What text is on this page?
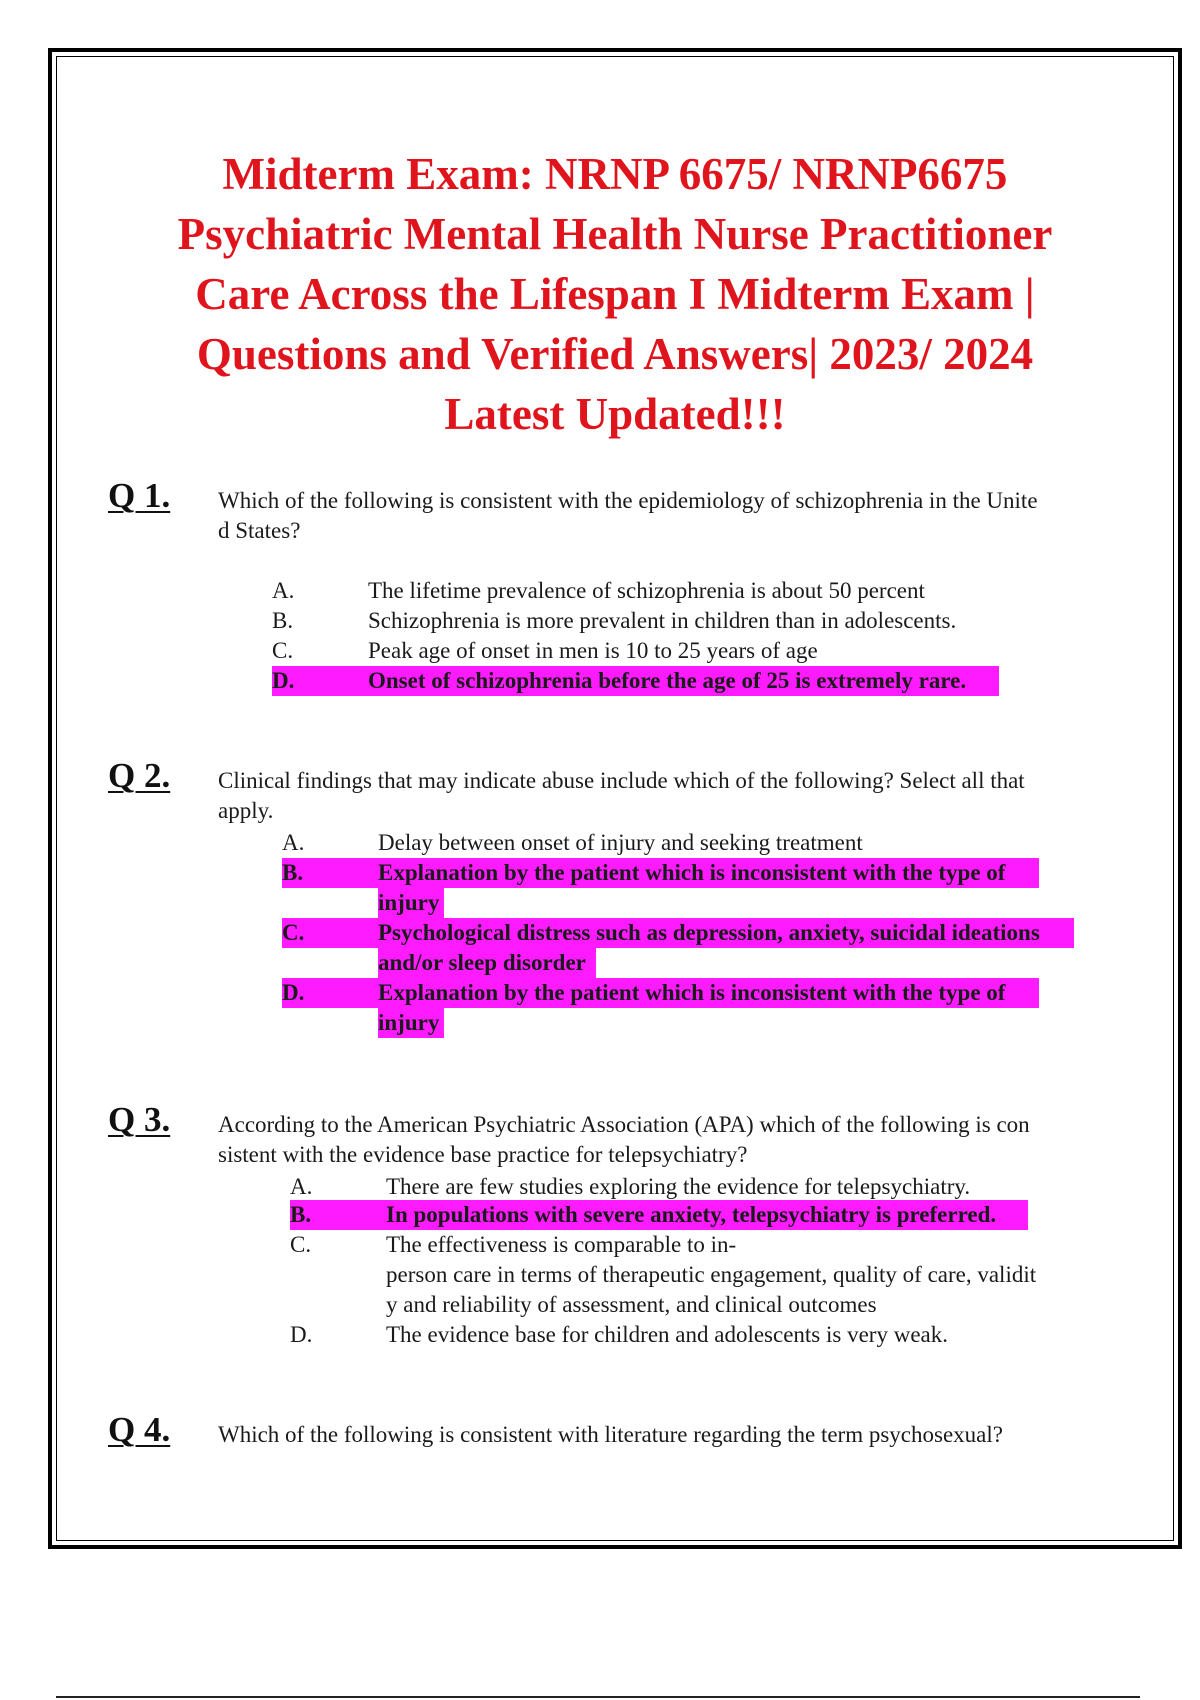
Midterm Exam: NRNP 6675/ NRNP6675
Psychiatric Mental Health Nurse Practitioner
Care Across the Lifespan I Midterm Exam |
Questions and Verified Answers| 2023/ 2024
Latest Updated!!!
Q 1. Which of the following is consistent with the epidemiology of schizophrenia in the Unite
d States?
A.	The lifetime prevalence of schizophrenia is about 50 percent
B.	Schizophrenia is more prevalent in children than in adolescents.
C.	Peak age of onset in men is 10 to 25 years of age
D.	Onset of schizophrenia before the age of 25 is extremely rare.
Q 2. Clinical findings that may indicate abuse include which of the following? Select all that
apply.
A.	Delay between onset of injury and seeking treatment
B.	Explanation by the patient which is inconsistent with the type of
injury
C.	Psychological distress such as depression, anxiety, suicidal ideations
and/or sleep disorder
D.	Explanation by the patient which is inconsistent with the type of
injury
Q 3. According to the American Psychiatric Association (APA) which of the following is con
sistent with the evidence base practice for telepsychiatry?
A.	There are few studies exploring the evidence for telepsychiatry.
B.	In populations with severe anxiety, telepsychiatry is preferred.
C.	The effectiveness is comparable to in-
person care in terms of therapeutic engagement, quality of care, validit
y and reliability of assessment, and clinical outcomes
D.	The evidence base for children and adolescents is very weak.
Q 4. Which of the following is consistent with literature regarding the term psychosexual?
